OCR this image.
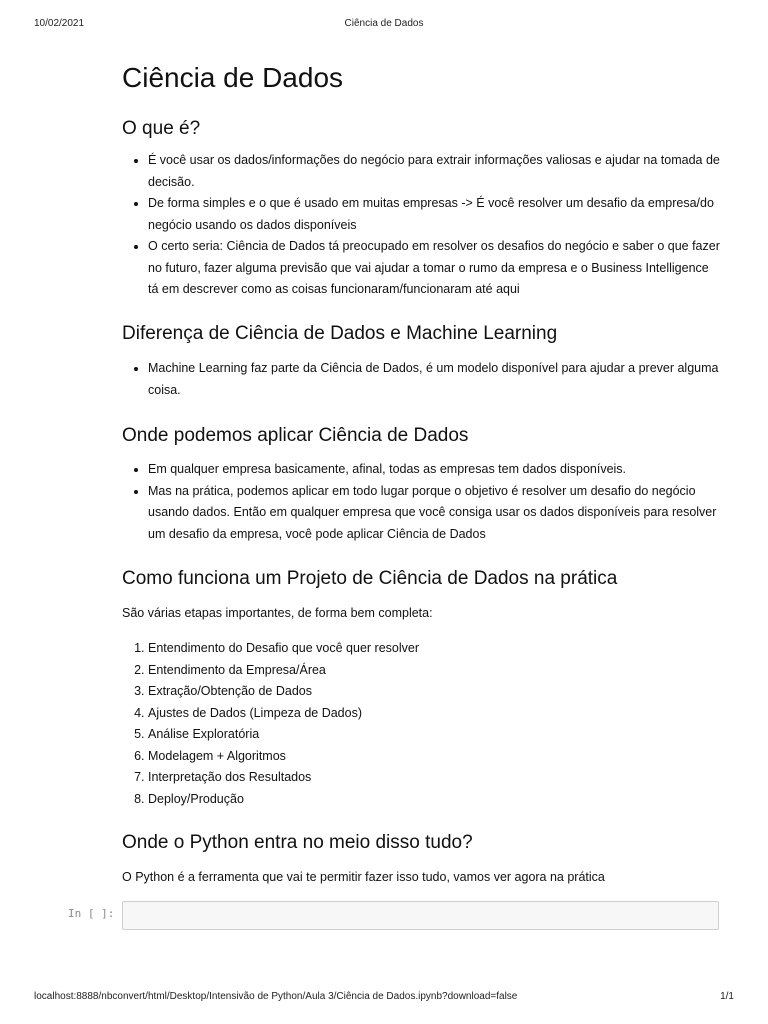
10/02/2021	Ciência de Dados
Ciência de Dados
O que é?
• É você usar os dados/informações do negócio para extrair informações valiosas e ajudar na tomada de decisão.
• De forma simples e o que é usado em muitas empresas -> É você resolver um desafio da empresa/do negócio usando os dados disponíveis
• O certo seria: Ciência de Dados tá preocupado em resolver os desafios do negócio e saber o que fazer no futuro, fazer alguma previsão que vai ajudar a tomar o rumo da empresa e o Business Intelligence tá em descrever como as coisas funcionaram/funcionaram até aqui
Diferença de Ciência de Dados e Machine Learning
• Machine Learning faz parte da Ciência de Dados, é um modelo disponível para ajudar a prever alguma coisa.
Onde podemos aplicar Ciência de Dados
• Em qualquer empresa basicamente, afinal, todas as empresas tem dados disponíveis.
• Mas na prática, podemos aplicar em todo lugar porque o objetivo é resolver um desafio do negócio usando dados. Então em qualquer empresa que você consiga usar os dados disponíveis para resolver um desafio da empresa, você pode aplicar Ciência de Dados
Como funciona um Projeto de Ciência de Dados na prática

São várias etapas importantes, de forma bem completa:

1. Entendimento do Desafio que você quer resolver
2. Entendimento da Empresa/Área
3. Extração/Obtenção de Dados
4. Ajustes de Dados (Limpeza de Dados)
5. Análise Exploratória
6. Modelagem + Algoritmos
7. Interpretação dos Resultados
8. Deploy/Produção
Onde o Python entra no meio disso tudo?

O Python é a ferramenta que vai te permitir fazer isso tudo, vamos ver agora na prática

In [ ]:
localhost:8888/nbconvert/html/Desktop/Intensivão de Python/Aula 3/Ciência de Dados.ipynb?download=false	1/1
